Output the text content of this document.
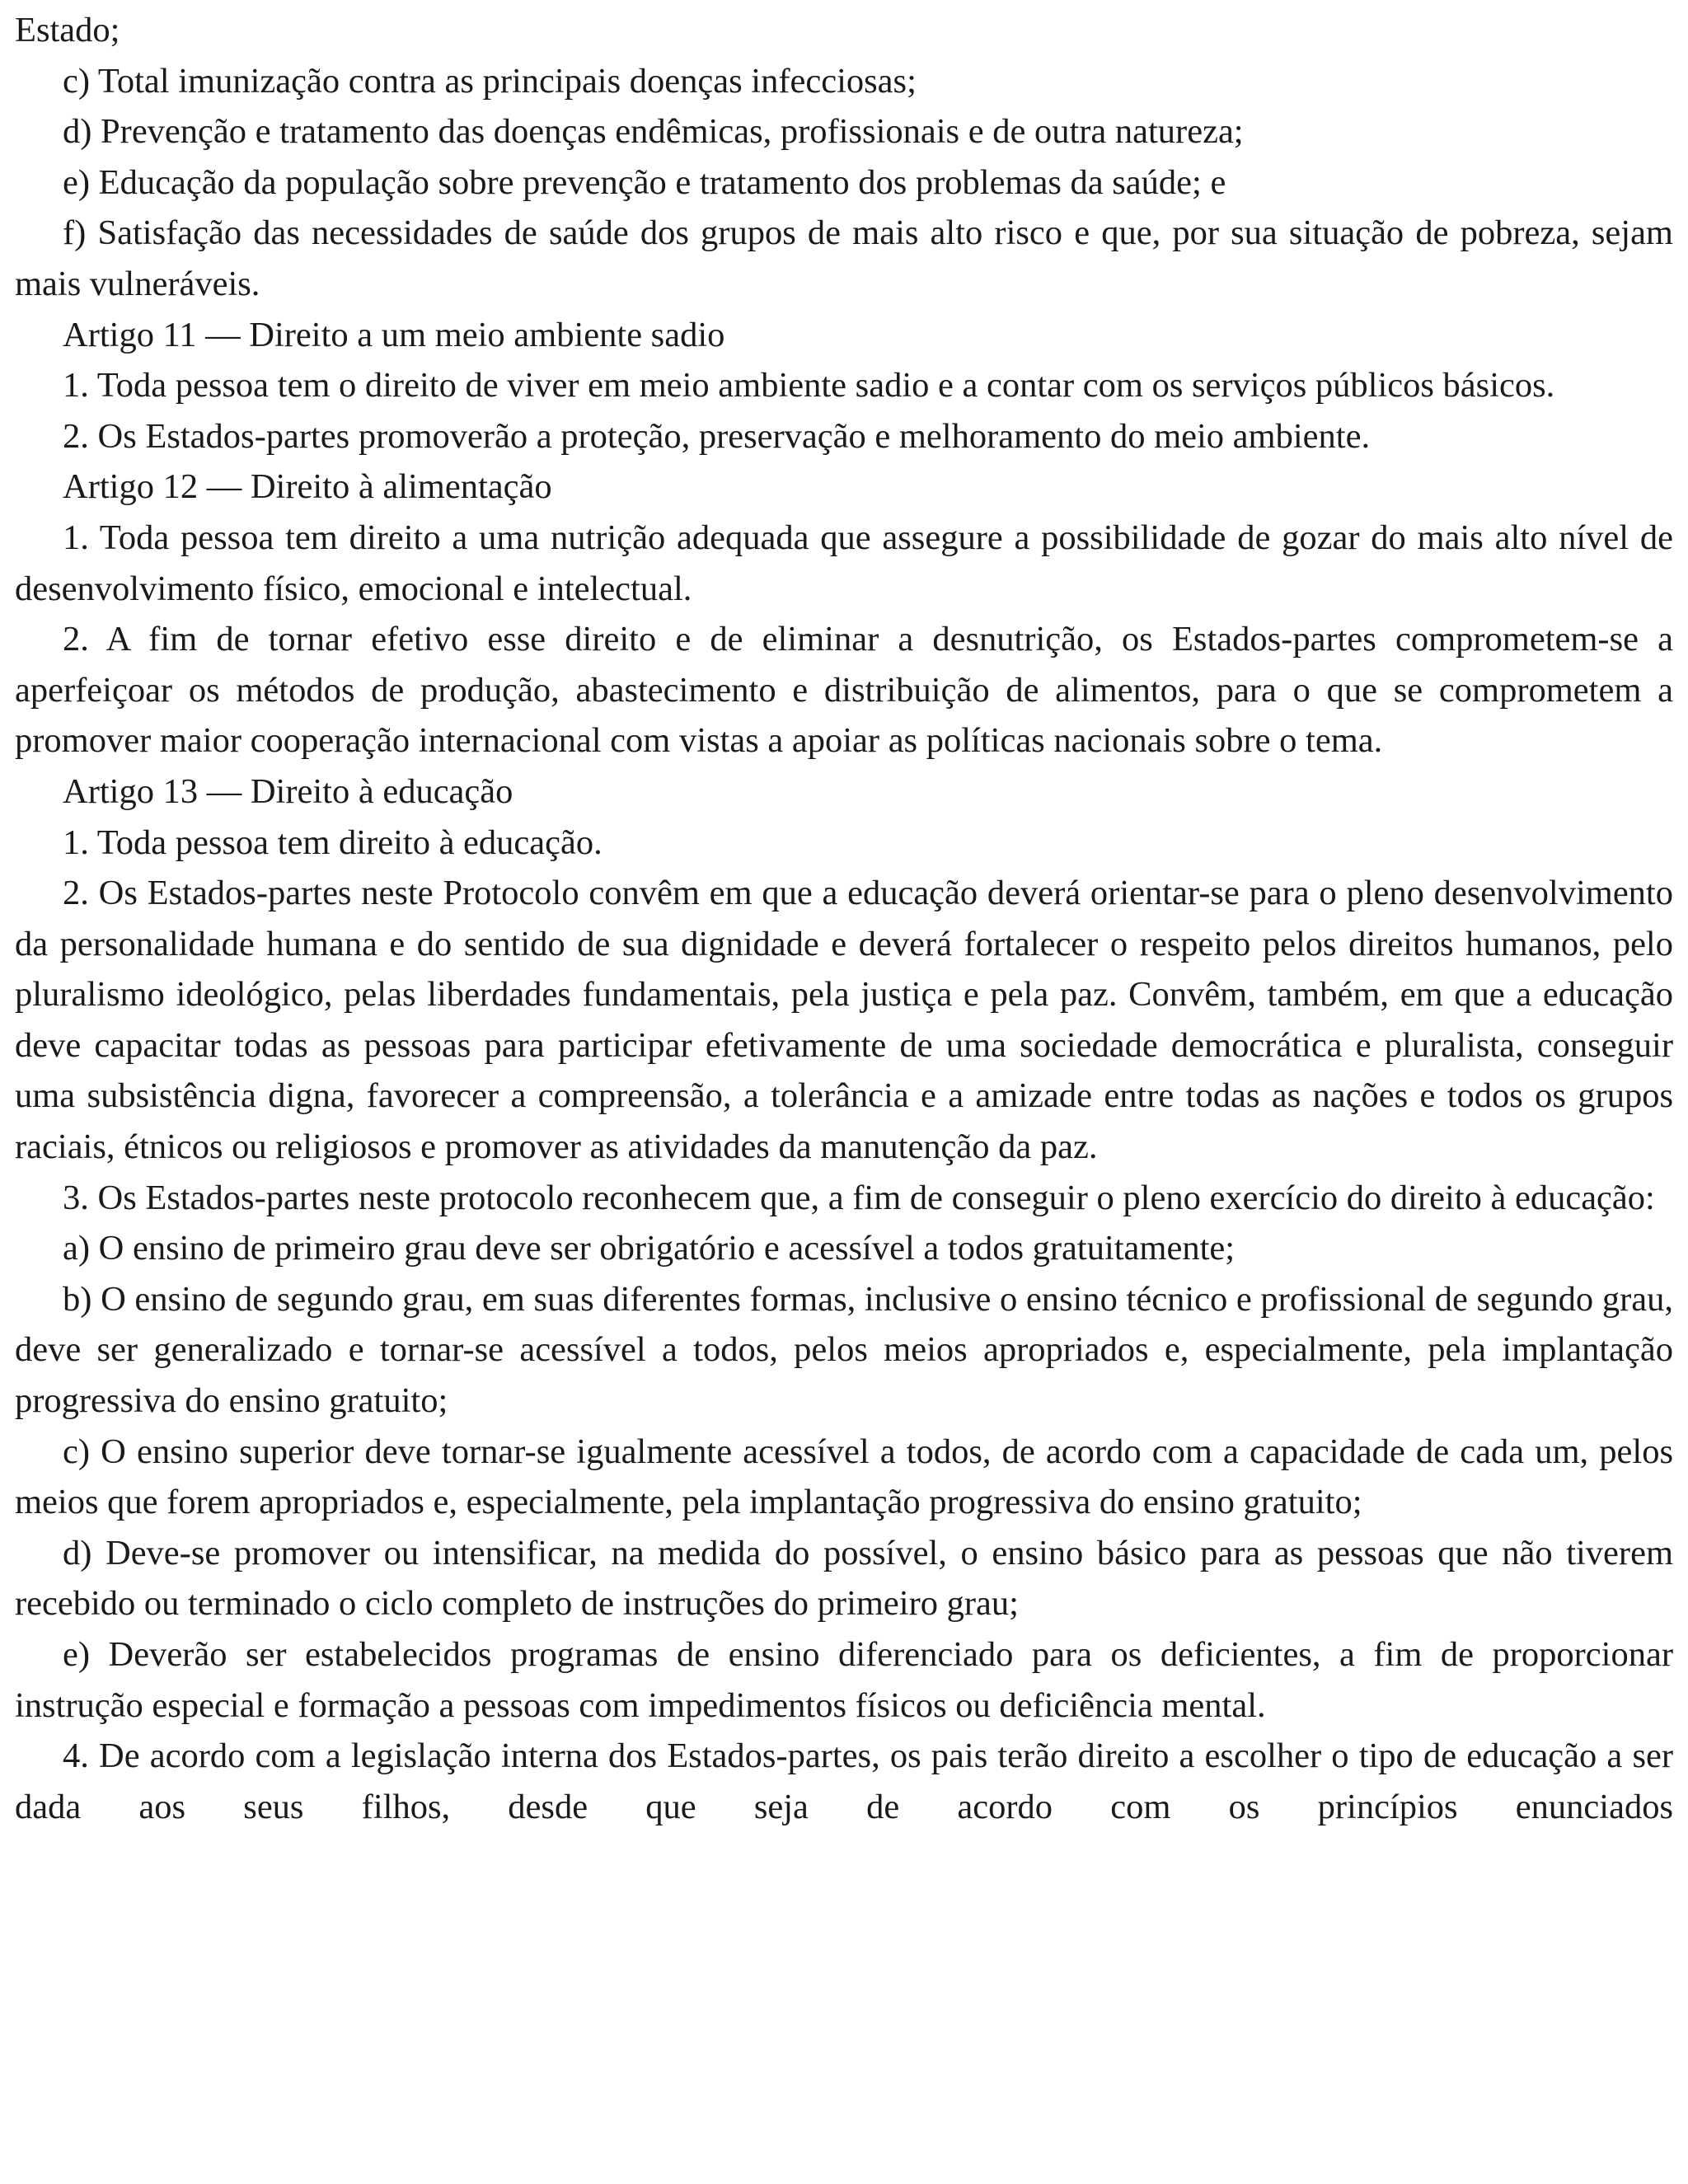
Estado;

c) Total imunização contra as principais doenças infecciosas;

d) Prevenção e tratamento das doenças endêmicas, profissionais e de outra natureza;

e) Educação da população sobre prevenção e tratamento dos problemas da saúde; e

f) Satisfação das necessidades de saúde dos grupos de mais alto risco e que, por sua situação de pobreza, sejam mais vulneráveis.

Artigo 11 — Direito a um meio ambiente sadio

1. Toda pessoa tem o direito de viver em meio ambiente sadio e a contar com os serviços públicos básicos.

2. Os Estados-partes promoverão a proteção, preservação e melhoramento do meio ambiente.

Artigo 12 — Direito à alimentação

1. Toda pessoa tem direito a uma nutrição adequada que assegure a possibilidade de gozar do mais alto nível de desenvolvimento físico, emocional e intelectual.

2. A fim de tornar efetivo esse direito e de eliminar a desnutrição, os Estados-partes comprometem-se a aperfeiçoar os métodos de produção, abastecimento e distribuição de alimentos, para o que se comprometem a promover maior cooperação internacional com vistas a apoiar as políticas nacionais sobre o tema.

Artigo 13 — Direito à educação

1. Toda pessoa tem direito à educação.

2. Os Estados-partes neste Protocolo convêm em que a educação deverá orientar-se para o pleno desenvolvimento da personalidade humana e do sentido de sua dignidade e deverá fortalecer o respeito pelos direitos humanos, pelo pluralismo ideológico, pelas liberdades fundamentais, pela justiça e pela paz. Convêm, também, em que a educação deve capacitar todas as pessoas para participar efetivamente de uma sociedade democrática e pluralista, conseguir uma subsistência digna, favorecer a compreensão, a tolerância e a amizade entre todas as nações e todos os grupos raciais, étnicos ou religiosos e promover as atividades da manutenção da paz.

3. Os Estados-partes neste protocolo reconhecem que, a fim de conseguir o pleno exercício do direito à educação:

a) O ensino de primeiro grau deve ser obrigatório e acessível a todos gratuitamente;

b) O ensino de segundo grau, em suas diferentes formas, inclusive o ensino técnico e profissional de segundo grau, deve ser generalizado e tornar-se acessível a todos, pelos meios apropriados e, especialmente, pela implantação progressiva do ensino gratuito;

c) O ensino superior deve tornar-se igualmente acessível a todos, de acordo com a capacidade de cada um, pelos meios que forem apropriados e, especialmente, pela implantação progressiva do ensino gratuito;

d) Deve-se promover ou intensificar, na medida do possível, o ensino básico para as pessoas que não tiverem recebido ou terminado o ciclo completo de instruções do primeiro grau;

e) Deverão ser estabelecidos programas de ensino diferenciado para os deficientes, a fim de proporcionar instrução especial e formação a pessoas com impedimentos físicos ou deficiência mental.

4. De acordo com a legislação interna dos Estados-partes, os pais terão direito a escolher o tipo de educação a ser dada aos seus filhos, desde que seja de acordo com os princípios enunciados
